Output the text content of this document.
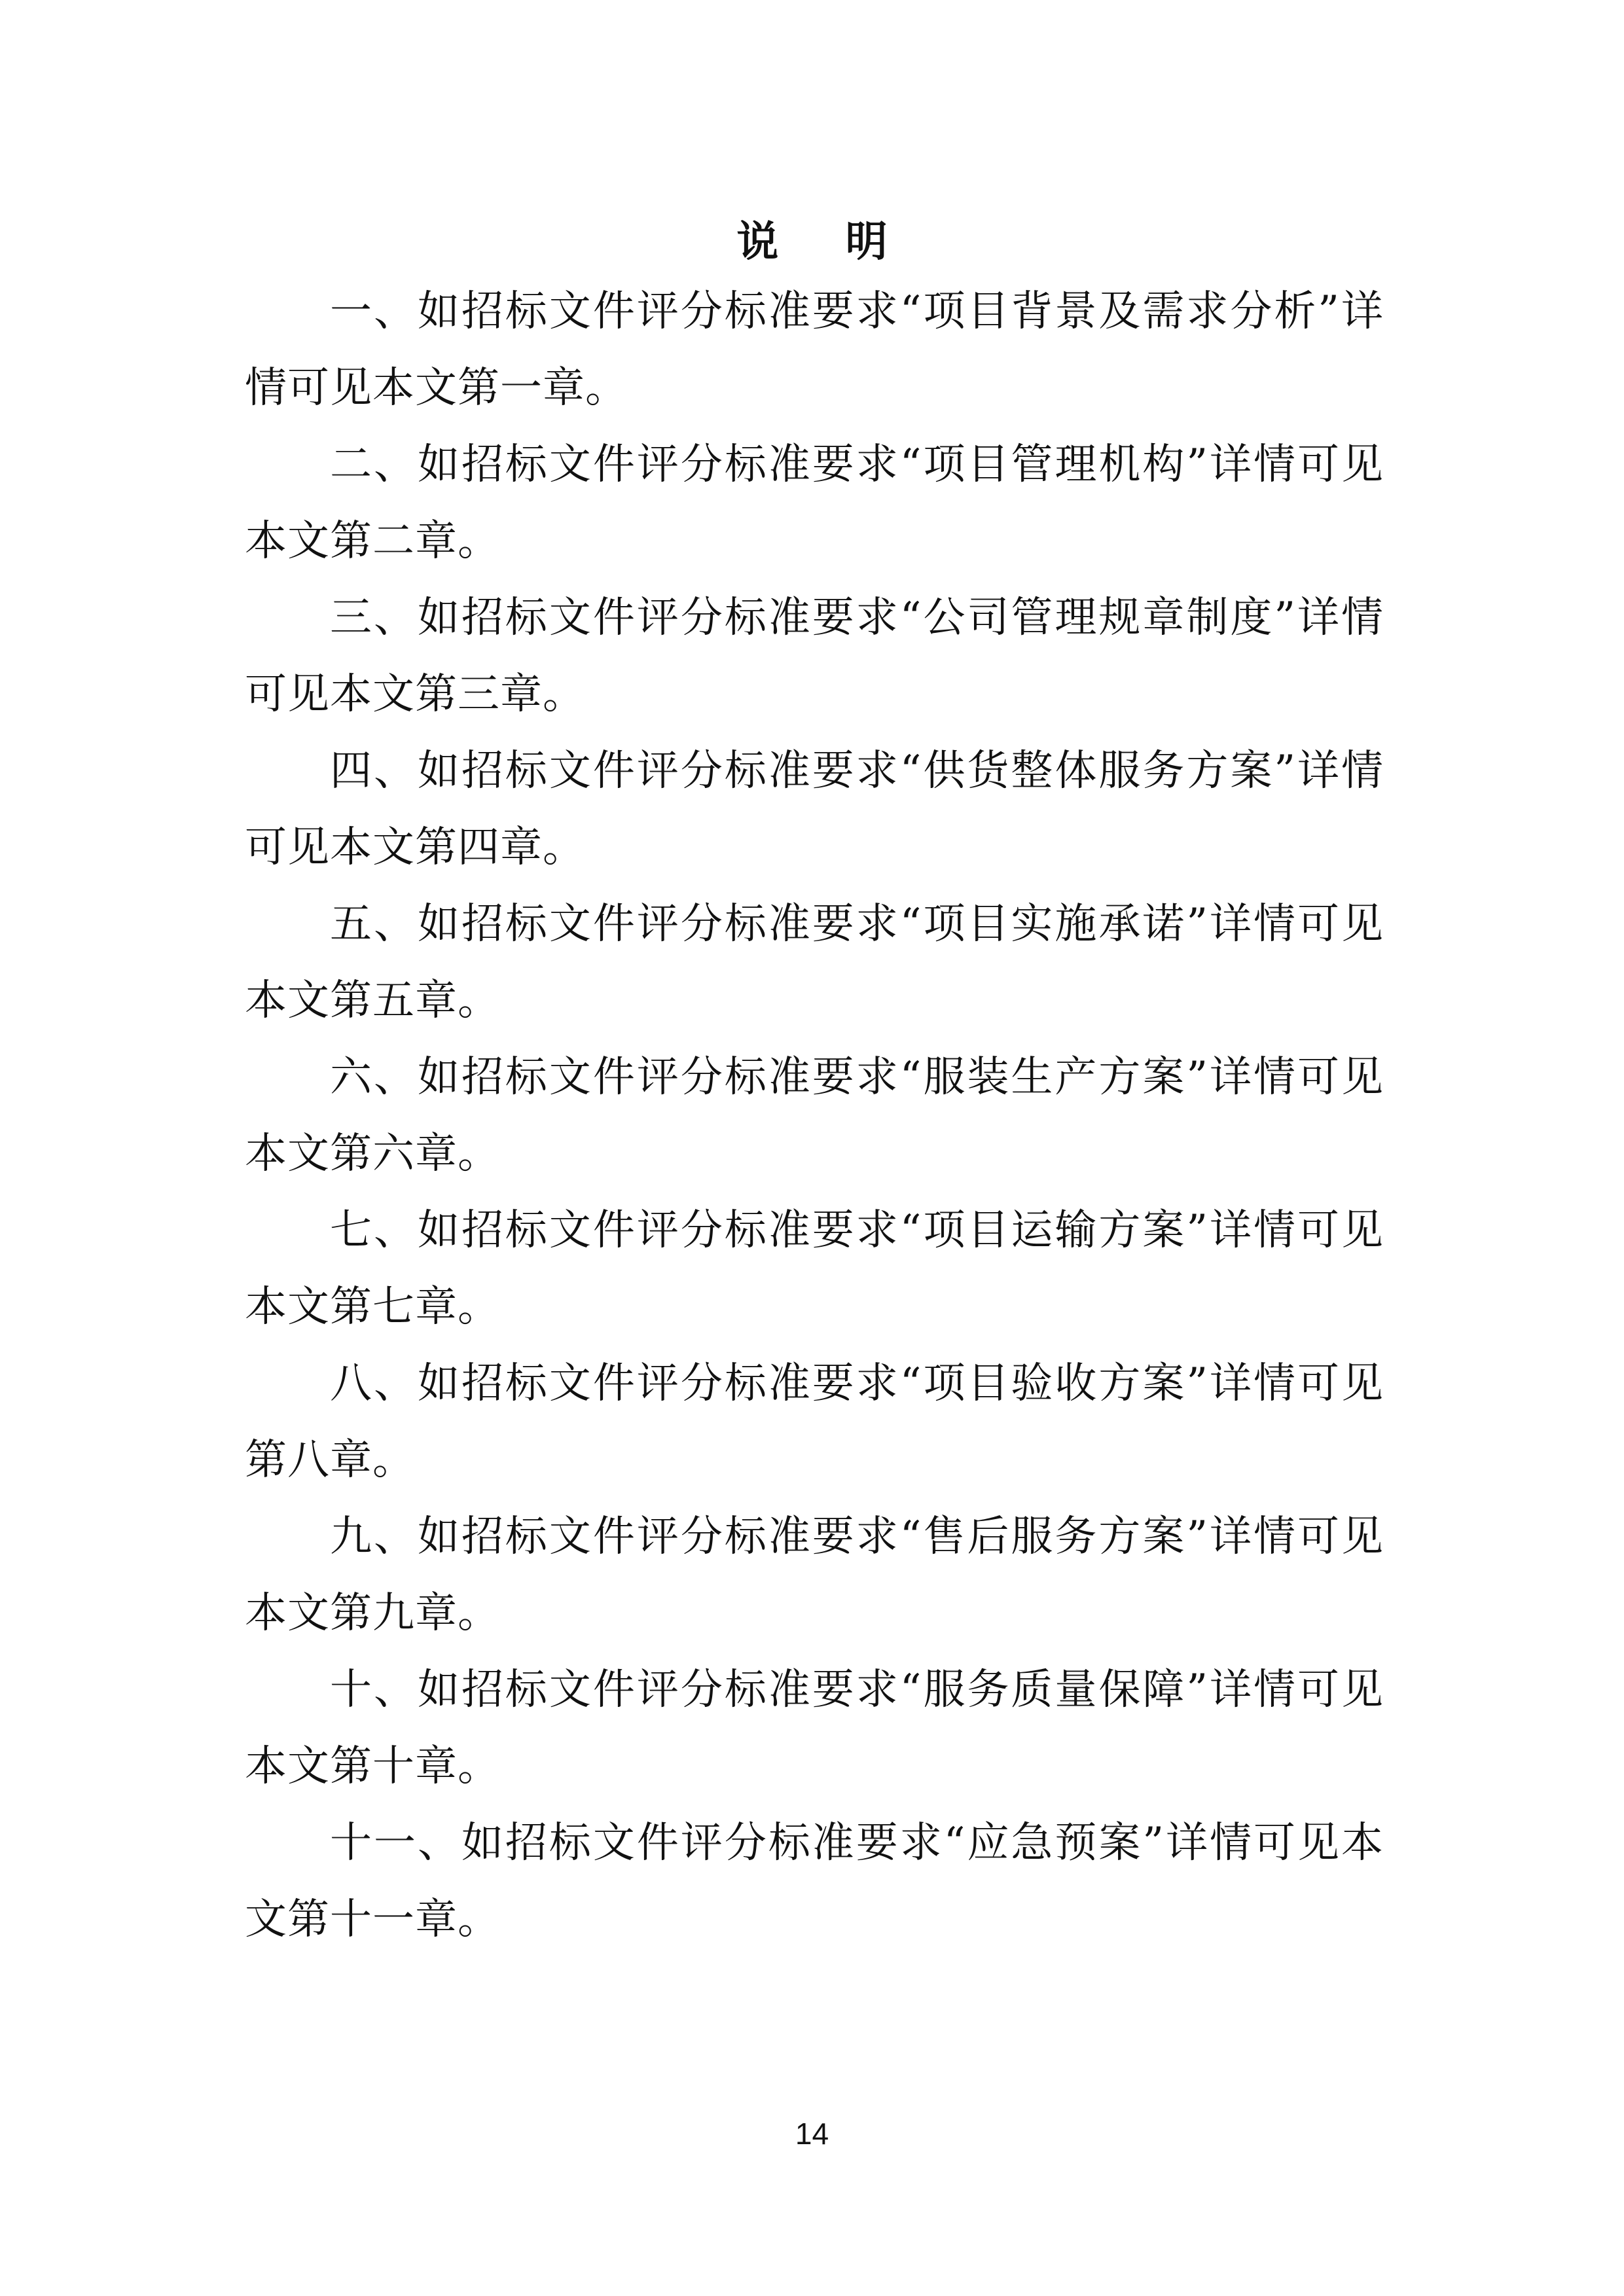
说 明

一、如招标文件评分标准要求“项目背景及需求分析”详情可见本文第一章。

二、如招标文件评分标准要求“项目管理机构”详情可见本文第二章。

三、如招标文件评分标准要求“公司管理规章制度”详情可见本文第三章。

四、如招标文件评分标准要求“供货整体服务方案”详情可见本文第四章。

五、如招标文件评分标准要求“项目实施承诺”详情可见本文第五章。

六、如招标文件评分标准要求“服装生产方案”详情可见本文第六章。

七、如招标文件评分标准要求“项目运输方案”详情可见本文第七章。

八、如招标文件评分标准要求“项目验收方案”详情可见第八章。

九、如招标文件评分标准要求“售后服务方案”详情可见本文第九章。

十、如招标文件评分标准要求“服务质量保障”详情可见本文第十章。

十一、如招标文件评分标准要求“应急预案”详情可见本文第十一章。

14
